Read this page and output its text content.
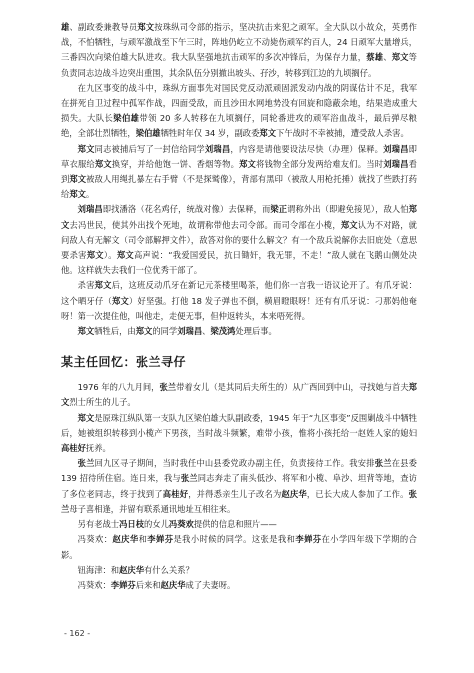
雄、副政委兼教导员郑文按珠纵司令部的指示，坚决抗击来犯之顽军。全大队以小故众，英勇作战，不怕牺牲，与顽军激战至下午三时，阵地仍屹立不动毙伤顽军约百人，24 日顽军大量增兵，三番四次向梁伯雄大队进攻。我大队坚强地抗击顽军的多次冲锋后，为保存力量，蔡雄、郑文等负责同志边战斗边突出重围，其余队伍分别撤出坡头、孖沙，转移到江边的九顷搁仔。

在九区事变的战斗中，珠纵方面事先对国民党反动派顽固派发动内战的阴谋估计不足，我军在拼死自卫过程中孤军作战，四面受敌，而且沙田水网地势没有回旋和隐蔽余地，结果造成重大损失。大队长梁伯雄带领 20 多人转移在九顷搁仔，同轮番进攻的顽军浴血战斗，最后弹尽粮绝，全部壮烈牺牲，梁伯雄牺牲时年仅 34 岁，副政委郑文下午战时不幸被捕，遭受敌人杀害。

郑文同志被捕后写了一封信给同学刘瑞昌，内容是请他要设法尽快（办理）保释。刘瑞昌即草衣服给郑文换穿，并给他饱一饼、香烟等物。郑文将钱物全部分发两给难友们。当时刘瑞昌看到郑文被敌人用绳扎暴左右手臂（不是探鹫像），背部有黑印（被敌人用枪托捶）就找了些跌打药给郑文。

刘瑞昌即找潘洛（花名鸡仔，统战对像）去保释，而梁正谓称外出（即避免接见），敌人怕郑文去冯世民，使其外出找个死地，故谓称带他去司令部。而司令部在小榄，郑文认为不对路，就问敌人有无解文（司令部解押文件），敌答对你的要什么解文？有一个敌兵说解你去旧庇处（意思要杀害郑文）。郑文高声说：“我爱国爱民，抗日锄奸，我无罪，不走！”敌人就在飞鹅山侧处决他。这样就失去我们一位优秀干部了。

杀害郑文后，这班反动爪牙在新记元茶楼里喝茶，他们你一言我一语议论开了。有爪牙说：这个晒牙仔（郑文）好坚强。打他 18 发子弹也不倒，横眉瞪眼呀！还有有爪牙说：刁那妈他奄呀！第一次提住他，叫他走，走便无事，但仲返转头，本来唔死得。

郑文牺牲后，由郑文的同学刘瑞昌、梁茂鸿处理后事。

某主任回忆：张兰寻仔

1976 年的八九月间，张兰带着女儿（是其同后夫所生的）从广西回到中山，寻找她与首夫郑文烈士所生的儿子。

郑文是原珠江纵队第一支队九区梁伯雄大队副政委，1945 年于“九区事变”反围剿战斗中牺牲后，她被组织转移到小榄产下男孩，当时战斗频繁，难带小孩，惟将小孩托给一赵姓人家的媳妇高桂好抚养。

张兰回九区寻子期间，当时我任中山县委党政办副主任，负责接待工作。我安排张兰在县委 139 招待所住宿。连日来，我与张兰同志奔走了南头低沙、将军和小榄、阜沙、坦背等地，查访了多位老同志，终于找到了高桂好，并得悉亲生儿子改名为赵庆华，已长大成人参加了工作。张兰母子喜相逢，并留有联系通讯地址互相往来。

另有老战士冯日枝的女儿冯葵欢提供的信息和照片——

冯葵欢：赵庆华和李婵芬是我小时候的同学。这张是我和李婵芬在小学四年级下学期的合影。

钮海津：和赵庆华有什么关系？

冯葵欢：李婵芬后来和赵庆华成了夫妻呀。

- 162 -
